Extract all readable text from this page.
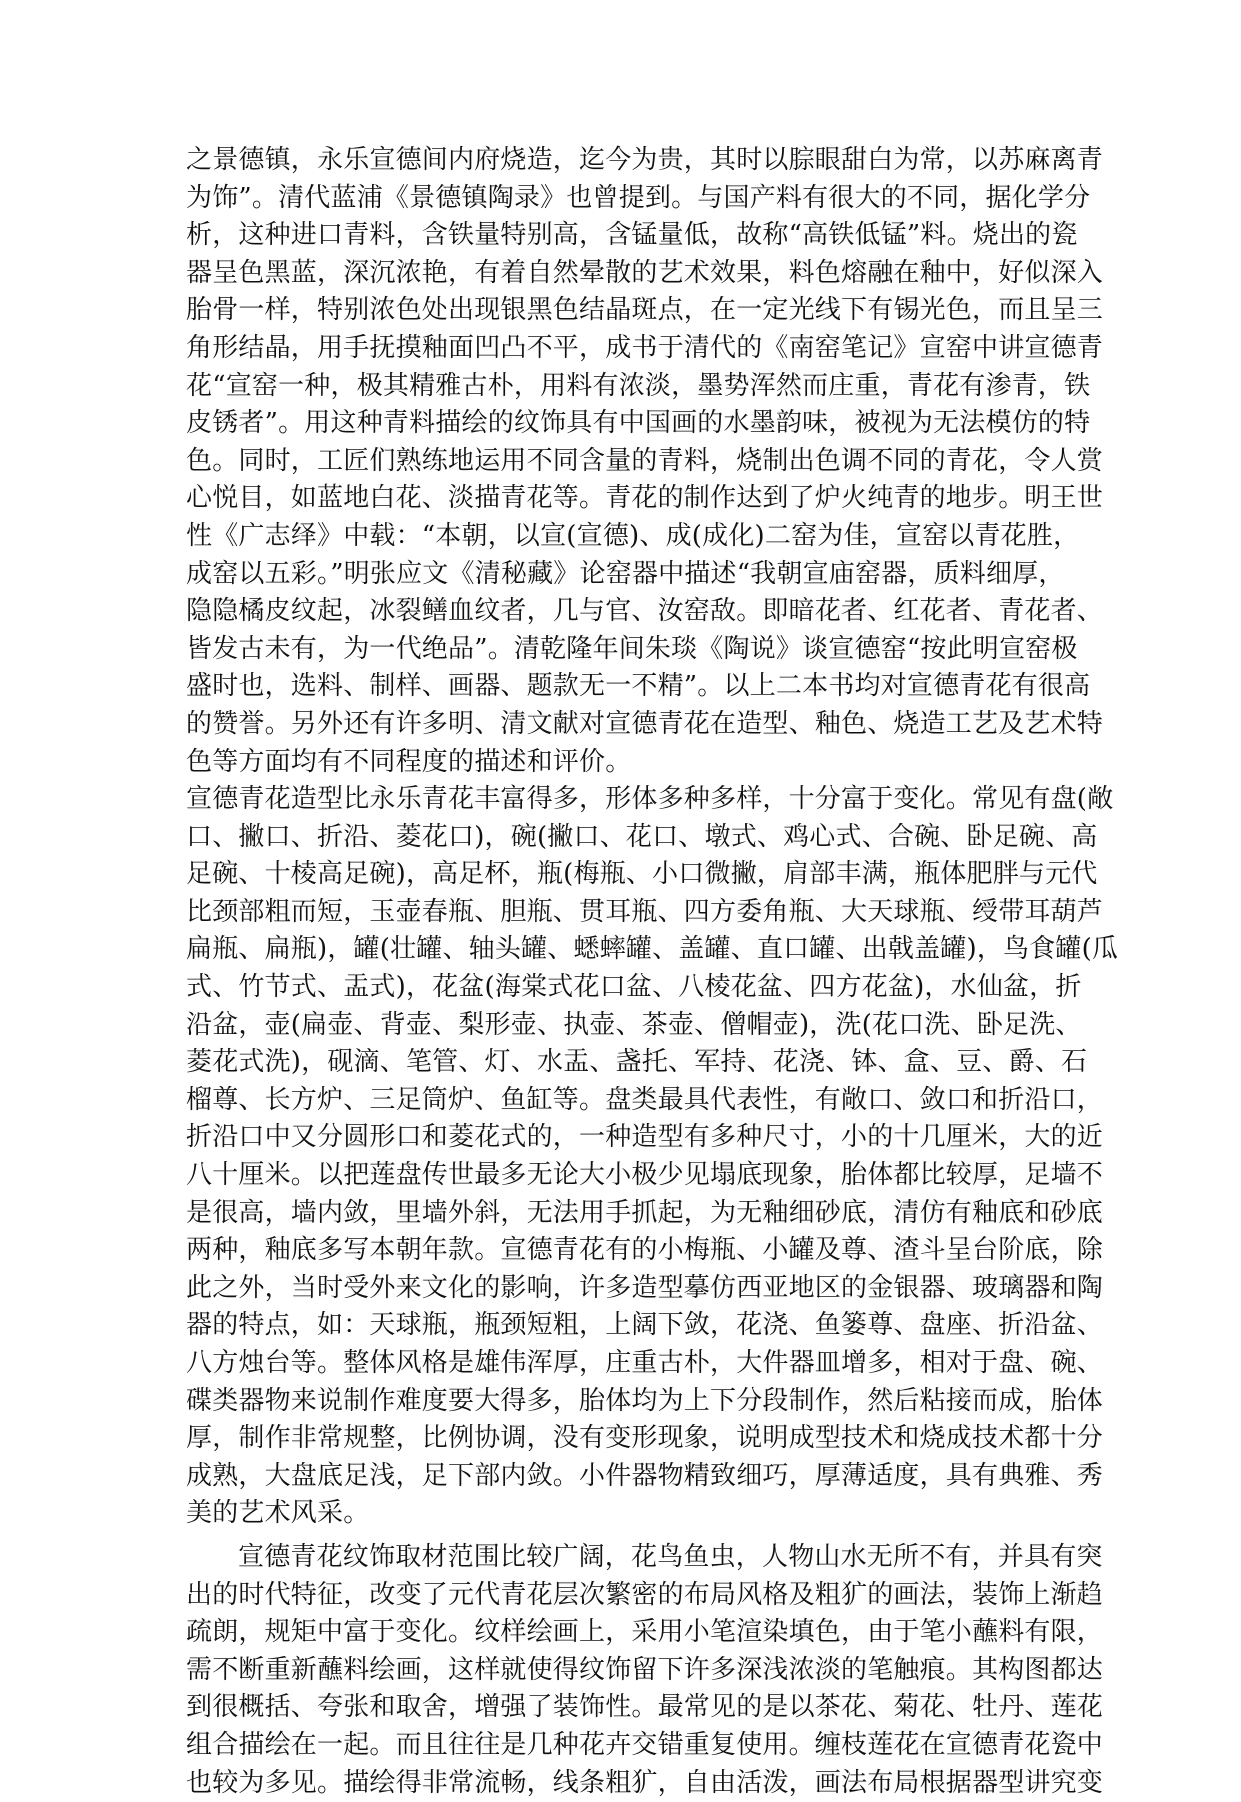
之景德镇，永乐宣德间内府烧造，迄今为贵，其时以腙眼甜白为常，以苏麻离青
为饰”。清代蓝浦《景德镇陶录》也曾提到。与国产料有很大的不同，据化学分
析，这种进口青料，含铁量特别高，含锰量低，故称“高铁低锰”料。烧出的瓷
器呈色黑蓝，深沉浓艳，有着自然晕散的艺术效果，料色熔融在釉中，好似深入
胎骨一样，特别浓色处出现银黑色结晶斑点，在一定光线下有锡光色，而且呈三
角形结晶，用手抚摸釉面凹凸不平，成书于清代的《南窑笔记》宣窑中讲宣德青
花“宣窑一种，极其精雅古朴，用料有浓淡，墨势浑然而庄重，青花有渗青，铁
皮锈者”。用这种青料描绘的纹饰具有中国画的水墨韵味，被视为无法模仿的特
色。同时，工匠们熟练地运用不同含量的青料，烧制出色调不同的青花，令人赏
心悦目，如蓝地白花、淡描青花等。青花的制作达到了炉火纯青的地步。明王世
性《广志绎》中载：“本朝，以宣(宣德)、成(成化)二窑为佳，宣窑以青花胜，
成窑以五彩。”明张应文《清秘藏》论窑器中描述“我朝宣庙窑器，质料细厚，
隐隐橘皮纹起，冰裂鳝血纹者，几与官、汝窑敌。即暗花者、红花者、青花者、
皆发古未有，为一代绝品”。清乾隆年间朱琰《陶说》谈宣德窑“按此明宣窑极
盛时也，选料、制样、画器、题款无一不精”。以上二本书均对宣德青花有很高
的赞誉。另外还有许多明、清文献对宣德青花在造型、釉色、烧造工艺及艺术特
色等方面均有不同程度的描述和评价。
宣德青花造型比永乐青花丰富得多，形体多种多样，十分富于变化。常见有盘(敞
口、撇口、折沿、菱花口)，碗(撇口、花口、墩式、鸡心式、合碗、卧足碗、高
足碗、十棱高足碗)，高足杯，瓶(梅瓶、小口微撇，肩部丰满，瓶体肥胖与元代
比颈部粗而短，玉壶春瓶、胆瓶、贯耳瓶、四方委角瓶、大天球瓶、绶带耳葫芦
扁瓶、扁瓶)，罐(壮罐、轴头罐、蟋蟀罐、盖罐、直口罐、出戟盖罐)，鸟食罐(瓜
式、竹节式、盂式)，花盆(海棠式花口盆、八棱花盆、四方花盆)，水仙盆，折
沿盆，壶(扁壶、背壶、梨形壶、执壶、茶壶、僧帽壶)，洗(花口洗、卧足洗、
菱花式洗)，砚滴、笔管、灯、水盂、盏托、军持、花浇、钵、盒、豆、爵、石
榴尊、长方炉、三足筒炉、鱼缸等。盘类最具代表性，有敞口、敛口和折沿口，
折沿口中又分圆形口和菱花式的，一种造型有多种尺寸，小的十几厘米，大的近
八十厘米。以把莲盘传世最多无论大小极少见塌底现象，胎体都比较厚，足墙不
是很高，墙内敛，里墙外斜，无法用手抓起，为无釉细砂底，清仿有釉底和砂底
两种，釉底多写本朝年款。宣德青花有的小梅瓶、小罐及尊、渣斗呈台阶底，除
此之外，当时受外来文化的影响，许多造型摹仿西亚地区的金银器、玻璃器和陶
器的特点，如：天球瓶，瓶颈短粗，上阔下敛，花浇、鱼篓尊、盘座、折沿盆、
八方烛台等。整体风格是雄伟浑厚，庄重古朴，大件器皿增多，相对于盘、碗、
碟类器物来说制作难度要大得多，胎体均为上下分段制作，然后粘接而成，胎体
厚，制作非常规整，比例协调，没有变形现象，说明成型技术和烧成技术都十分
成熟，大盘底足浅，足下部内敛。小件器物精致细巧，厚薄适度，具有典雅、秀
美的艺术风采。
宣德青花纹饰取材范围比较广阔，花鸟鱼虫，人物山水无所不有，并具有突
出的时代特征，改变了元代青花层次繁密的布局风格及粗犷的画法，装饰上渐趋
疏朗，规矩中富于变化。纹样绘画上，采用小笔渲染填色，由于笔小蘸料有限，
需不断重新蘸料绘画，这样就使得纹饰留下许多深浅浓淡的笔触痕。其构图都达
到很概括、夸张和取舍，增强了装饰性。最常见的是以茶花、菊花、牡丹、莲花
组合描绘在一起。而且往往是几种花卉交错重复使用。缠枝莲花在宣德青花瓷中
也较为多见。描绘得非常流畅，线条粗犷，自由活泼，画法布局根据器型讲究变
